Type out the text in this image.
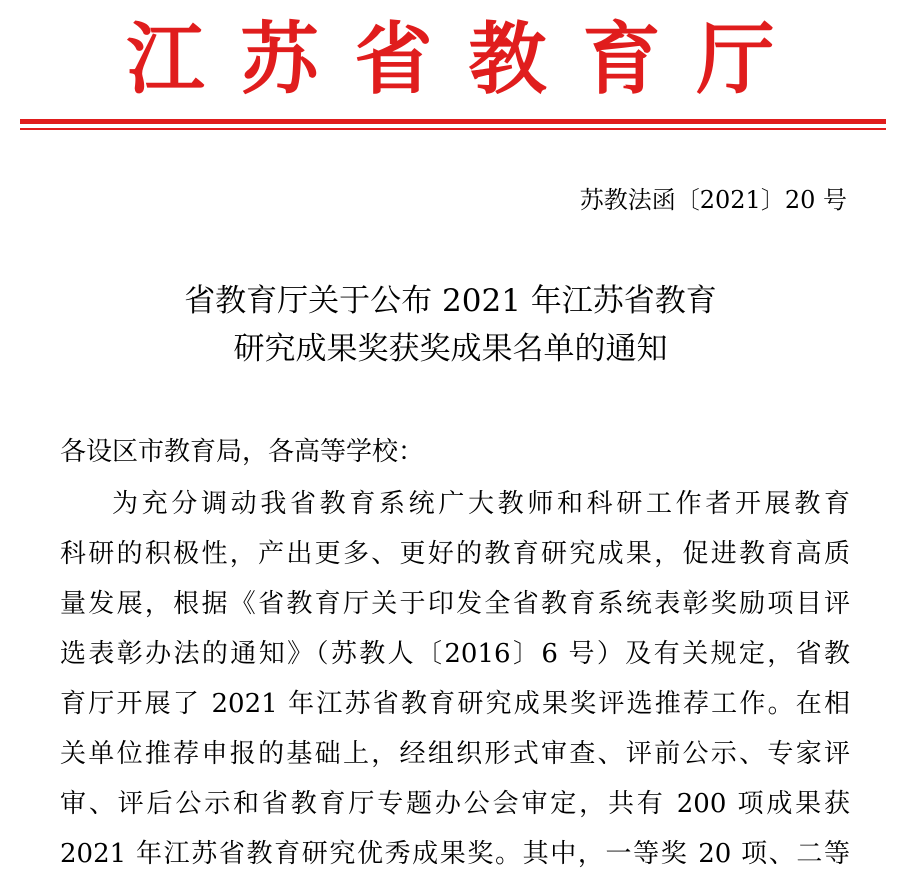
江苏省教育厅
苏教法函〔2021〕20 号
省教育厅关于公布 2021 年江苏省教育
研究成果奖获奖成果名单的通知
各设区市教育局，各高等学校：
为充分调动我省教育系统广大教师和科研工作者开展教育
科研的积极性，产出更多、更好的教育研究成果，促进教育高质
量发展，根据《省教育厅关于印发全省教育系统表彰奖励项目评
选表彰办法的通知》（苏教人〔2016〕6 号）及有关规定，省教
育厅开展了 2021 年江苏省教育研究成果奖评选推荐工作。在相
关单位推荐申报的基础上，经组织形式审查、评前公示、专家评
审、评后公示和省教育厅专题办公会审定，共有 200 项成果获
2021 年江苏省教育研究优秀成果奖。其中，一等奖 20 项、二等
